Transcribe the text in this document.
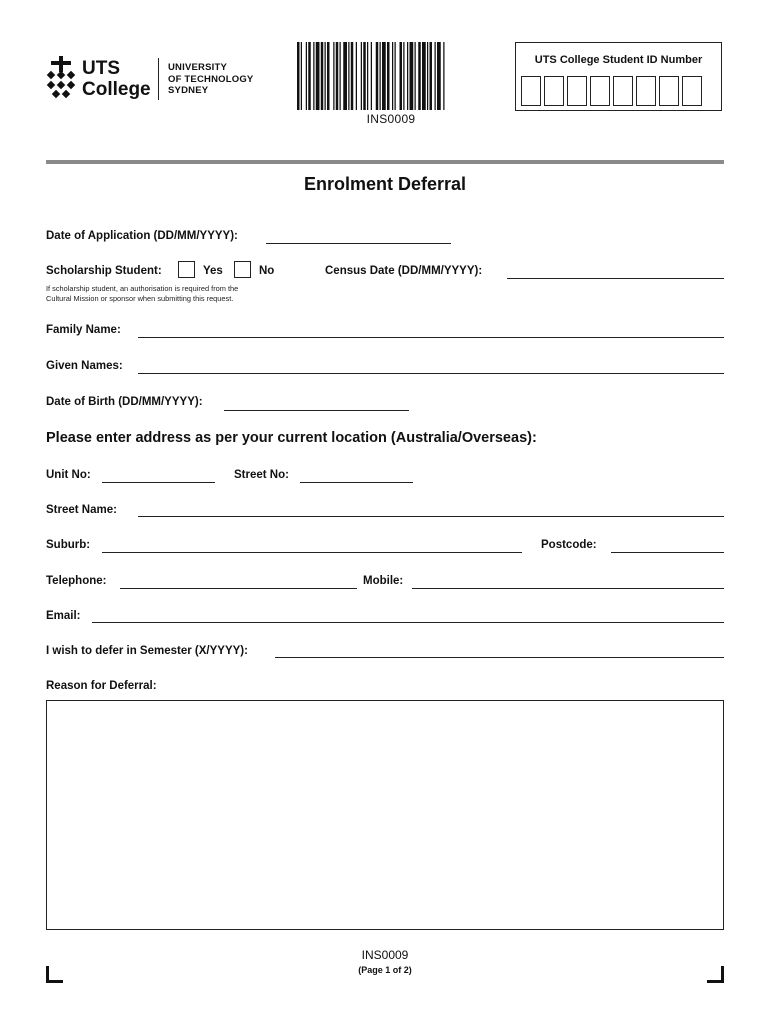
UTS
College
UNIVERSITY
OF TECHNOLOGY
SYDNEY
INS0009
UTS College Student ID Number
Enrolment Deferral
Date of Application (DD/MM/YYYY):
Scholarship Student:	Yes	No	Census Date (DD/MM/YYYY):
If scholarship student, an authorisation is required from the
Cultural Mission or sponsor when submitting this request.
Family Name:
Given Names:
Date of Birth (DD/MM/YYYY):
Please enter address as per your current location (Australia/Overseas):
Unit No:	Street No:
Street Name:
Suburb:	Postcode:
Telephone:	Mobile:
Email:
I wish to defer in Semester (X/YYYY):
Reason for Deferral:
INS0009
(Page 1 of 2)
